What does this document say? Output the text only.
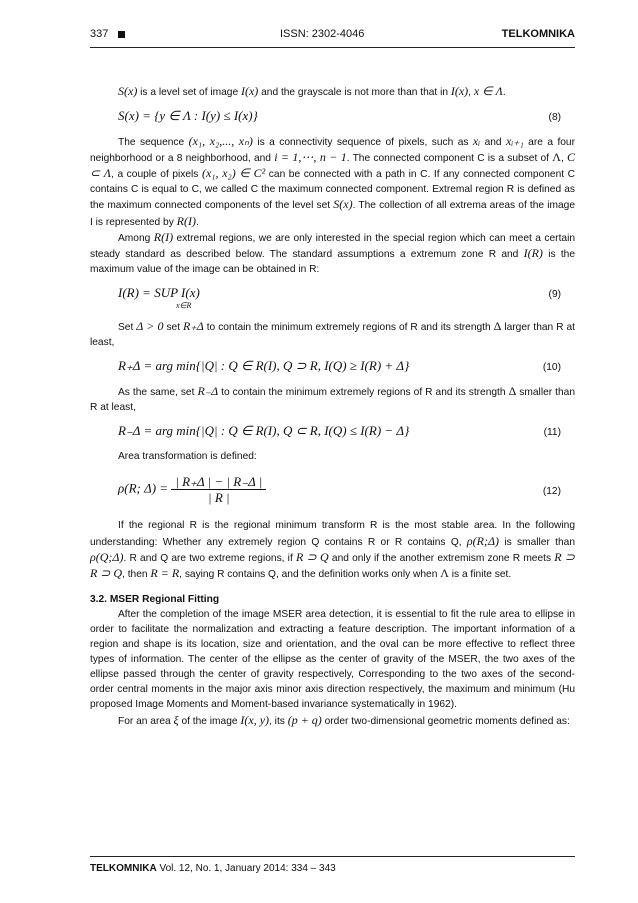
337	ISSN: 2302-4046	TELKOMNIKA

S(x) is a level set of image I(x) and the grayscale is not more than that in I(x), x ∈ Λ.

S(x) = {y ∈ Λ : I(y) ≤ I(x)}	(8)

The sequence (x₁, x₂,..., xₙ) is a connectivity sequence of pixels, such as xᵢ and xᵢ₊₁ are a four neighborhood or a 8 neighborhood, and i = 1,⋯, n − 1. The connected component C is a subset of Λ, C ⊂ Λ, a couple of pixels (x₁, x₂) ∈ C² can be connected with a path in C. If any connected component C contains C is equal to C, we called C the maximum connected component. Extremal region R is defined as the maximum connected components of the level set S(x). The collection of all extrema areas of the image I is represented by R(I).

Among R(I) extremal regions, we are only interested in the special region which can meet a certain steady standard as described below. The standard assumptions a extremum zone R and I(R) is the maximum value of the image can be obtained in R:

I(R) = SUP I(x)
x∈R
(9)

Set Δ > 0 set R₊Δ to contain the minimum extremely regions of R and its strength Δ larger than R at least,

R₊Δ = arg min{|Q| : Q ∈ R(I), Q ⊃ R, I(Q) ≥ I(R) + Δ}	(10)

As the same, set R₋Δ to contain the minimum extremely regions of R and its strength Δ smaller than R at least,

R₋Δ = arg min{|Q| : Q ∈ R(I), Q ⊂ R, I(Q) ≤ I(R) − Δ}	(11)

Area transformation is defined:

ρ(R; $\Delta) = \frac{| R_+\Delta | - | R_-\Delta |}{| R |}$	(12)

If the regional R is the regional minimum transform R is the most stable area. In the following understanding: Whether any extremely region Q contains R or R contains Q, ρ(R;Δ) is smaller than ρ(Q;Δ). R and Q are two extreme regions, if R ⊃ Q and only if the another extremism zone R meets R ⊃ R ⊃ Q, then R = R, saying R contains Q, and the definition works only when Λ is a finite set.

3.2. MSER Regional Fitting

After the completion of the image MSER area detection, it is essential to fit the rule area to ellipse in order to facilitate the normalization and extracting a feature description. The important information of a region and shape is its location, size and orientation, and the oval can be more effective to reflect three types of information. The center of the ellipse as the center of gravity of the MSER, the two axes of the ellipse passed through the center of gravity respectively, Corresponding to the two axes of the second-order central moments in the major axis minor axis direction respectively, the maximum and minimum (Hu proposed Image Moments and Moment-based invariance systematically in 1962).

For an area ξ of the image I(x, y), its (p + q) order two-dimensional geometric moments defined as:

TELKOMNIKA Vol. 12, No. 1, January 2014: 334 – 343
